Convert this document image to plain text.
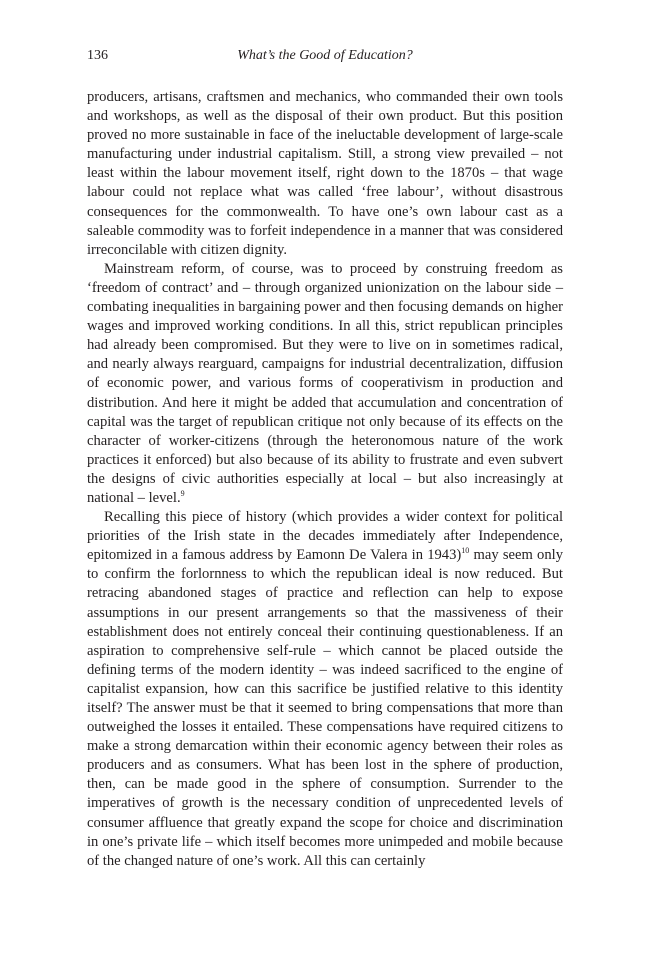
136	What’s the Good of Education?

producers, artisans, craftsmen and mechanics, who commanded their own tools and workshops, as well as the disposal of their own product. But this position proved no more sustainable in face of the ineluctable development of large-scale manufacturing under industrial capitalism. Still, a strong view prevailed – not least within the labour movement itself, right down to the 1870s – that wage labour could not replace what was called ‘free labour’, without disastrous consequences for the commonwealth. To have one’s own labour cast as a saleable commodity was to forfeit independence in a manner that was considered irreconcilable with citizen dignity.

Mainstream reform, of course, was to proceed by construing freedom as ‘freedom of contract’ and – through organized unionization on the labour side – combating inequalities in bargaining power and then focusing demands on higher wages and improved working conditions. In all this, strict republican principles had already been compromised. But they were to live on in sometimes radical, and nearly always rearguard, campaigns for industrial decentralization, diffusion of economic power, and various forms of cooperativism in production and distribution. And here it might be added that accumulation and concentration of capital was the target of republican critique not only because of its effects on the character of worker-citizens (through the heteronomous nature of the work practices it enforced) but also because of its ability to frustrate and even subvert the designs of civic authorities especially at local – but also increasingly at national – level.$^9$

Recalling this piece of history (which provides a wider context for political priorities of the Irish state in the decades immediately after Independence, epitomized in a famous address by Eamonn De Valera in 1943)$^{10}$ may seem only to confirm the forlornness to which the republican ideal is now reduced. But retracing abandoned stages of practice and reflection can help to expose assumptions in our present arrangements so that the massiveness of their establishment does not entirely conceal their continuing questionableness. If an aspiration to comprehensive self-rule – which cannot be placed outside the defining terms of the modern identity – was indeed sacrificed to the engine of capitalist expansion, how can this sacrifice be justified relative to this identity itself? The answer must be that it seemed to bring compensations that more than outweighed the losses it entailed. These compensations have required citizens to make a strong demarcation within their economic agency between their roles as producers and as consumers. What has been lost in the sphere of production, then, can be made good in the sphere of consumption. Surrender to the imperatives of growth is the necessary condition of unprecedented levels of consumer affluence that greatly expand the scope for choice and discrimination in one’s private life – which itself becomes more unimpeded and mobile because of the changed nature of one’s work. All this can certainly
